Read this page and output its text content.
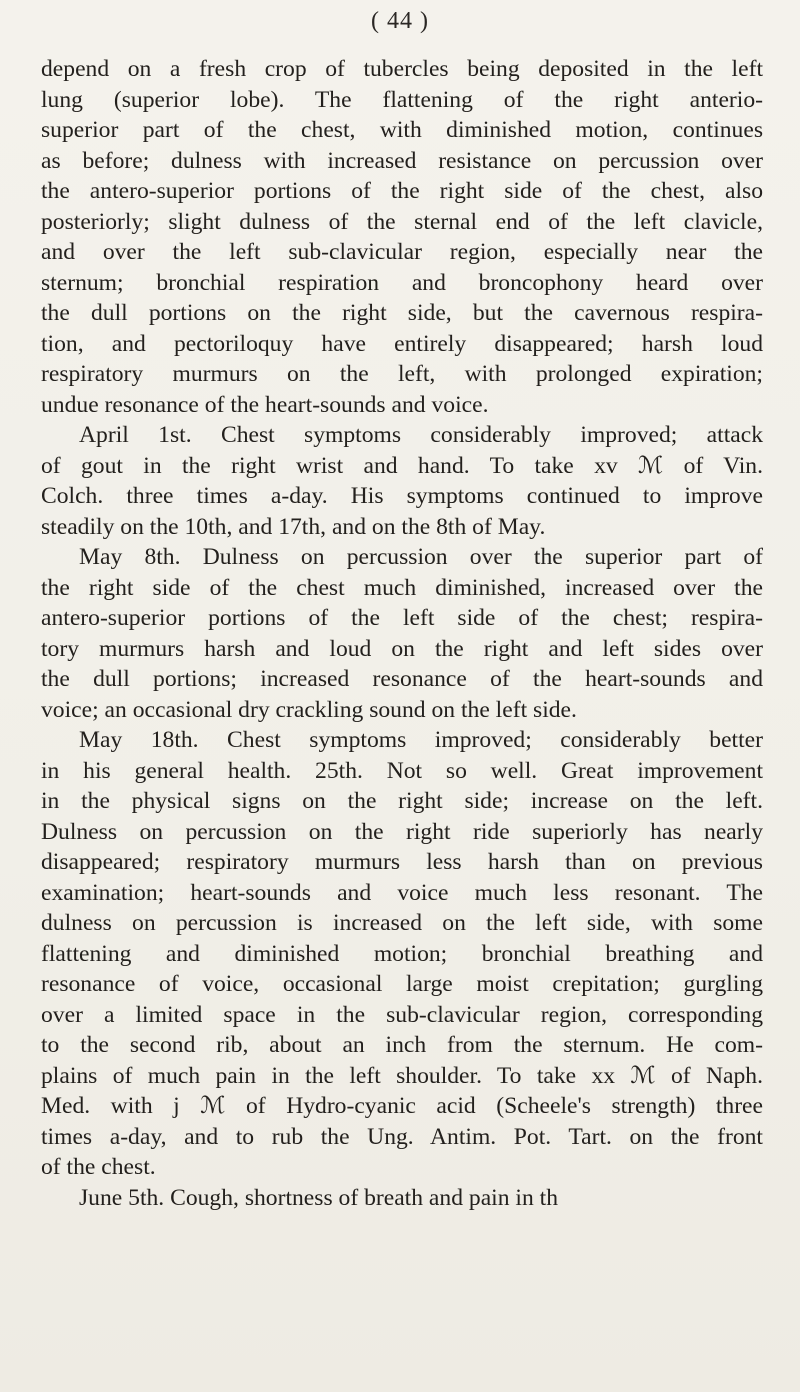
( 44 )
depend on a fresh crop of tubercles being deposited in the left
lung (superior lobe). The flattening of the right anterio-
superior part of the chest, with diminished motion, continues
as before; dulness with increased resistance on percussion over
the antero-superior portions of the right side of the chest, also
posteriorly; slight dulness of the sternal end of the left clavicle,
and over the left sub-clavicular region, especially near the
sternum; bronchial respiration and broncophony heard over
the dull portions on the right side, but the cavernous respira-
tion, and pectoriloquy have entirely disappeared; harsh loud
respiratory murmurs on the left, with prolonged expiration;
undue resonance of the heart-sounds and voice.
April 1st. Chest symptoms considerably improved; attack
of gout in the right wrist and hand. To take xv ℳ of Vin.
Colch. three times a-day. His symptoms continued to improve
steadily on the 10th, and 17th, and on the 8th of May.
May 8th. Dulness on percussion over the superior part of
the right side of the chest much diminished, increased over the
antero-superior portions of the left side of the chest; respira-
tory murmurs harsh and loud on the right and left sides over
the dull portions; increased resonance of the heart-sounds and
voice; an occasional dry crackling sound on the left side.
May 18th. Chest symptoms improved; considerably better
in his general health. 25th. Not so well. Great improvement
in the physical signs on the right side; increase on the left.
Dulness on percussion on the right ride superiorly has nearly
disappeared; respiratory murmurs less harsh than on previous
examination; heart-sounds and voice much less resonant. The
dulness on percussion is increased on the left side, with some
flattening and diminished motion; bronchial breathing and
resonance of voice, occasional large moist crepitation; gurgling
over a limited space in the sub-clavicular region, corresponding
to the second rib, about an inch from the sternum. He com-
plains of much pain in the left shoulder. To take xx ℳ of Naph.
Med. with j ℳ of Hydro-cyanic acid (Scheele's strength) three
times a-day, and to rub the Ung. Antim. Pot. Tart. on the front
of the chest.
June 5th. Cough, shortness of breath and pain in th
